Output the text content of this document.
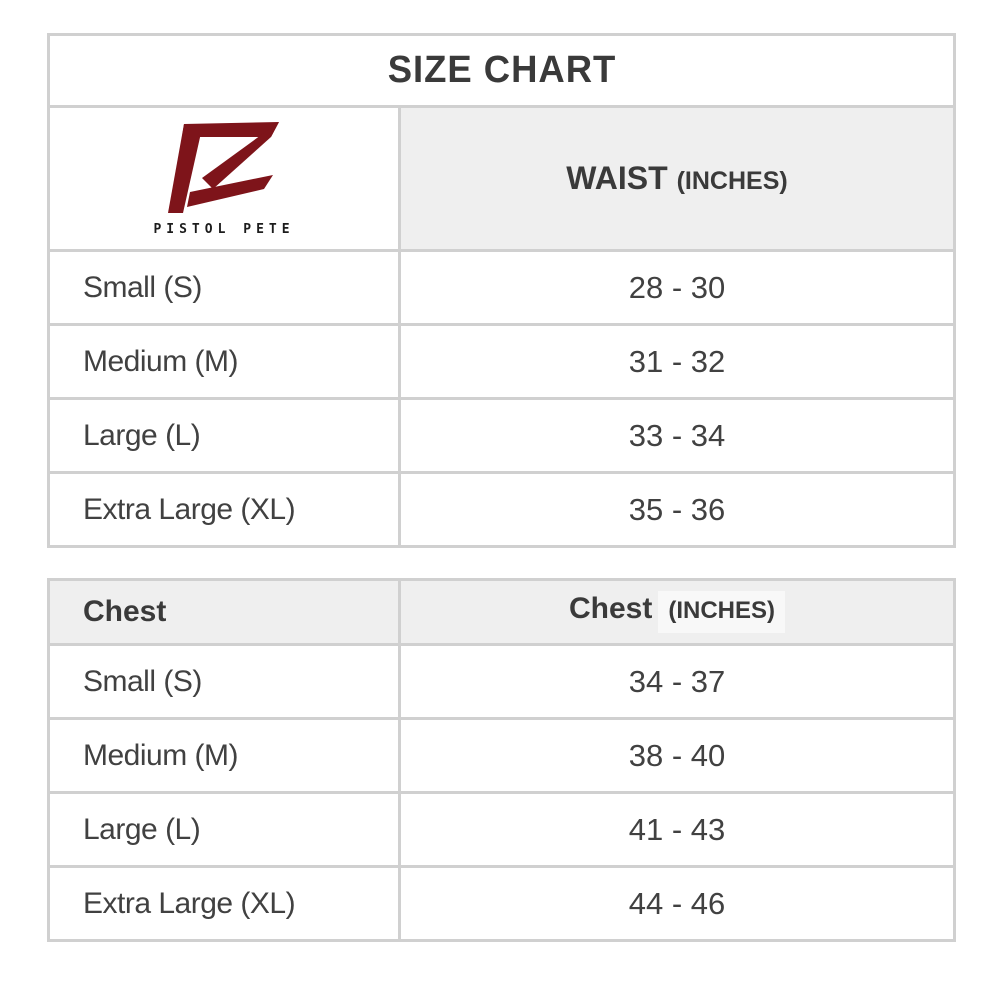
SIZE CHART	

PISTOL PETE	WAIST (INCHES)
Small (S)	28 - 30
Medium (M)	31 - 32
Large (L)	33 - 34
Extra Large (XL)	35 - 36
Chest	Chest (INCHES)
Small (S)	34 - 37
Medium (M)	38 - 40
Large (L)	41 - 43
Extra Large (XL)	44 - 46
